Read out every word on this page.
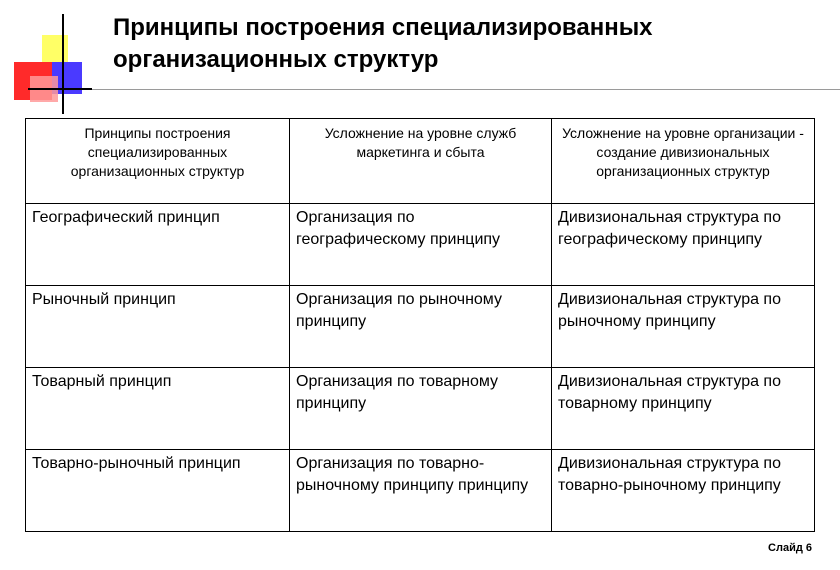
Принципы построения специализированных организационных структур
Принципы построения специализированных организационных структур	Усложнение на уровне служб маркетинга и сбыта	Усложнение на уровне организации - создание дивизиональных организационных структур
Географический принцип	Организация по географическому принципу	Дивизиональная структура по географическому принципу
Рыночный принцип	Организация по рыночному принципу	Дивизиональная структура по рыночному принципу
Товарный принцип	Организация по товарному принципу	Дивизиональная структура по товарному принципу
Товарно-рыночный принцип	Организация по товарно-рыночному принципу принципу	Дивизиональная структура по товарно-рыночному принципу
Слайд 6
